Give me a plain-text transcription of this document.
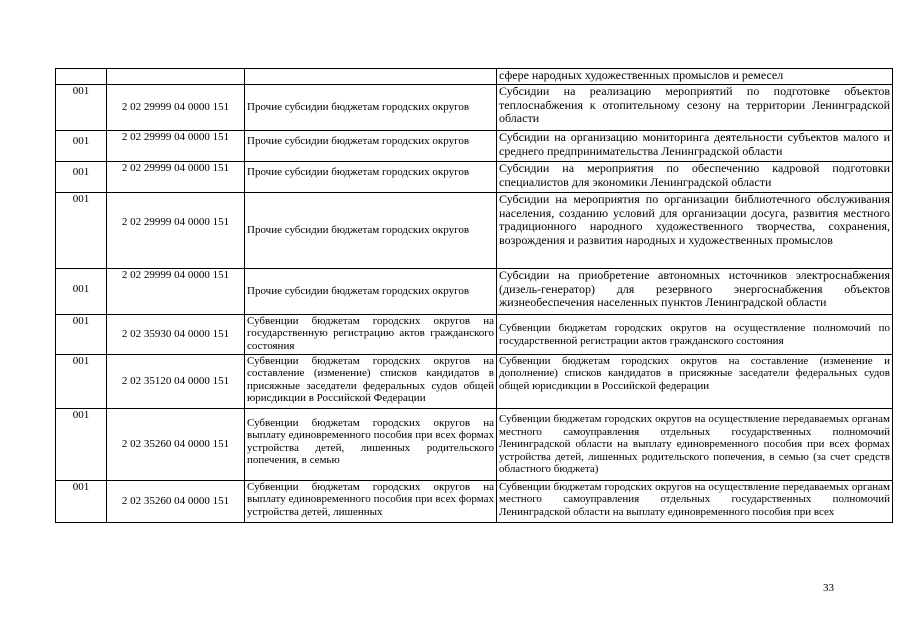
			сфере народных художественных промыслов и ремесел
001	2 02 29999 04 0000 151	Прочие субсидии бюджетам городских округов	Субсидии на реализацию мероприятий по подготовке объектов теплоснабжения к отопительному сезону на территории Ленинградской области
001	2 02 29999 04 0000 151	Прочие субсидии бюджетам городских округов	Субсидии на организацию мониторинга деятельности субъектов малого и среднего предпринимательства Ленинградской области
001	2 02 29999 04 0000 151	Прочие субсидии бюджетам городских округов	Субсидии на мероприятия по обеспечению кадровой подготовки специалистов для экономики Ленинградской области
001	2 02 29999 04 0000 151	Прочие субсидии бюджетам городских округов	Субсидии на мероприятия по организации библиотечного обслуживания населения, созданию условий для организации досуга, развития местного традиционного народного художественного творчества, сохранения, возрождения и развития народных и художественных промыслов
001	2 02 29999 04 0000 151	Прочие субсидии бюджетам городских округов	Субсидии на приобретение автономных источников электроснабжения (дизель-генератор) для резервного энергоснабжения объектов жизнеобеспечения населенных пунктов Ленинградской области
001	2 02 35930 04 0000 151	Субвенции бюджетам городских округов на государственную регистрацию актов гражданского состояния	Субвенции бюджетам городских округов на осуществление полномочий по государственной регистрации актов гражданского состояния
001	2 02 35120 04 0000 151	Субвенции бюджетам городских округов на составление (изменение) списков кандидатов в присяжные заседатели федеральных судов общей юрисдикции в Российской Федерации	Субвенции бюджетам городских округов на составление (изменение и дополнение) списков кандидатов в присяжные заседатели федеральных судов общей юрисдикции в Российской федерации
001	2 02 35260 04 0000 151	Субвенции бюджетам городских округов на выплату единовременного пособия при всех формах устройства детей, лишенных родительского попечения, в семью	Субвенции бюджетам городских округов на осуществление передаваемых органам местного самоуправления отдельных государственных полномочий Ленинградской области на выплату единовременного пособия при всех формах устройства детей, лишенных родительского попечения, в семью (за счет средств областного бюджета)
001	2 02 35260 04 0000 151	Субвенции бюджетам городских округов на выплату единовременного пособия при всех формах устройства детей, лишенных	Субвенции бюджетам городских округов на осуществление передаваемых органам местного самоуправления отдельных государственных полномочий Ленинградской области на выплату единовременного пособия при всех
33
